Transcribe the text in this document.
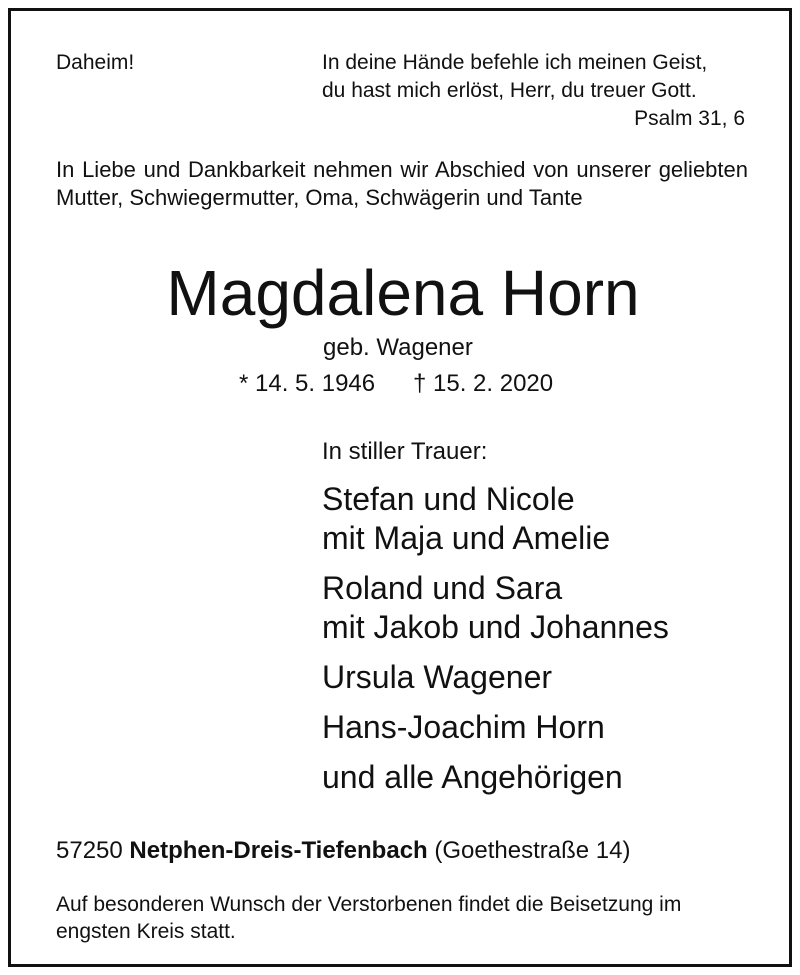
Daheim!	In deine Hände befehle ich meinen Geist,
du hast mich erlöst, Herr, du treuer Gott.
Psalm 31, 6
In Liebe und Dankbarkeit nehmen wir Abschied von unserer geliebten Mutter, Schwiegermutter, Oma, Schwägerin und Tante
Magdalena Horn
geb. Wagener
* 14. 5. 1946 † 15. 2. 2020
In stiller Trauer:
Stefan und Nicole
mit Maja und Amelie
Roland und Sara
mit Jakob und Johannes
Ursula Wagener
Hans-Joachim Horn
und alle Angehörigen
57250 Netphen-Dreis-Tiefenbach (Goethestraße 14)
Auf besonderen Wunsch der Verstorbenen findet die Beisetzung im engsten Kreis statt.
